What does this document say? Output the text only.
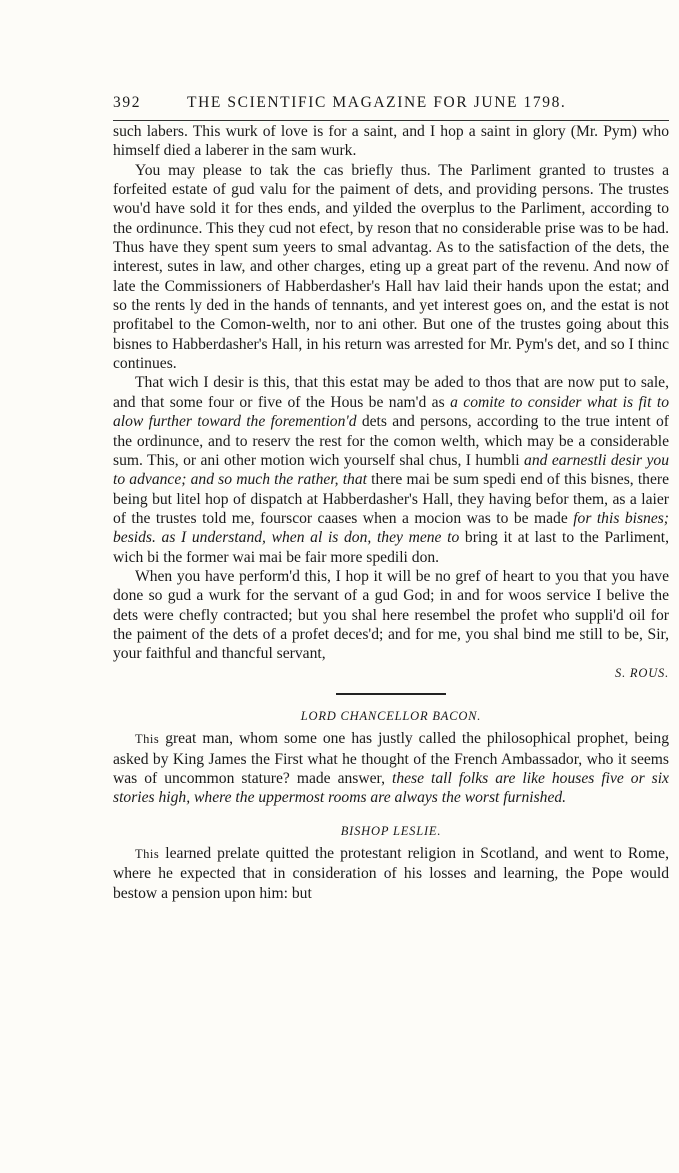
392	THE SCIENTIFIC MAGAZINE FOR JUNE 1798.

such labers. This wurk of love is for a saint, and I hop a saint in glory (Mr. Pym) who himself died a laberer in the sam wurk.

You may please to tak the cas briefly thus. The Parliment granted to trustes a forfeited estate of gud valu for the paiment of dets, and providing persons. The trustes wou'd have sold it for thes ends, and yilded the overplus to the Parliment, according to the ordinunce. This they cud not efect, by reson that no considerable prise was to be had. Thus have they spent sum yeers to smal advantag. As to the satisfaction of the dets, the interest, sutes in law, and other charges, eting up a great part of the revenu. And now of late the Commissioners of Habberdasher's Hall hav laid their hands upon the estat; and so the rents ly ded in the hands of tennants, and yet interest goes on, and the estat is not profitabel to the Comon-welth, nor to ani other. But one of the trustes going about this bisnes to Habberdasher's Hall, in his return was arrested for Mr. Pym's det, and so I thinc continues.

That wich I desir is this, that this estat may be aded to thos that are now put to sale, and that some four or five of the Hous be nam'd as a comite to consider what is fit to alow further toward the foremention'd dets and persons, according to the true intent of the ordinunce, and to reserv the rest for the comon welth, which may be a considerable sum. This, or ani other motion wich yourself shal chus, I humbli and earnestli desir you to advance; and so much the rather, that there mai be sum spedi end of this bisnes, there being but litel hop of dispatch at Habberdasher's Hall, they having befor them, as a laier of the trustes told me, fourscor caases when a mocion was to be made for this bisnes; besids. as I understand, when al is don, they mene to bring it at last to the Parliment, wich bi the former wai mai be fair more spedili don.

When you have perform'd this, I hop it will be no gref of heart to you that you have done so gud a wurk for the servant of a gud God; in and for woos service I belive the dets were chefly contracted; but you shal here resembel the profet who suppli'd oil for the paiment of the dets of a profet deces'd; and for me, you shal bind me still to be, Sir, your faithful and thancful servant,

S. ROUS.
LORD CHANCELLOR BACON.

This great man, whom some one has justly called the philosophical prophet, being asked by King James the First what he thought of the French Ambassador, who it seems was of uncommon stature? made answer, these tall folks are like houses five or six stories high, where the uppermost rooms are always the worst furnished.

BISHOP LESLIE.

This learned prelate quitted the protestant religion in Scotland, and went to Rome, where he expected that in consideration of his losses and learning, the Pope would bestow a pension upon him: but
